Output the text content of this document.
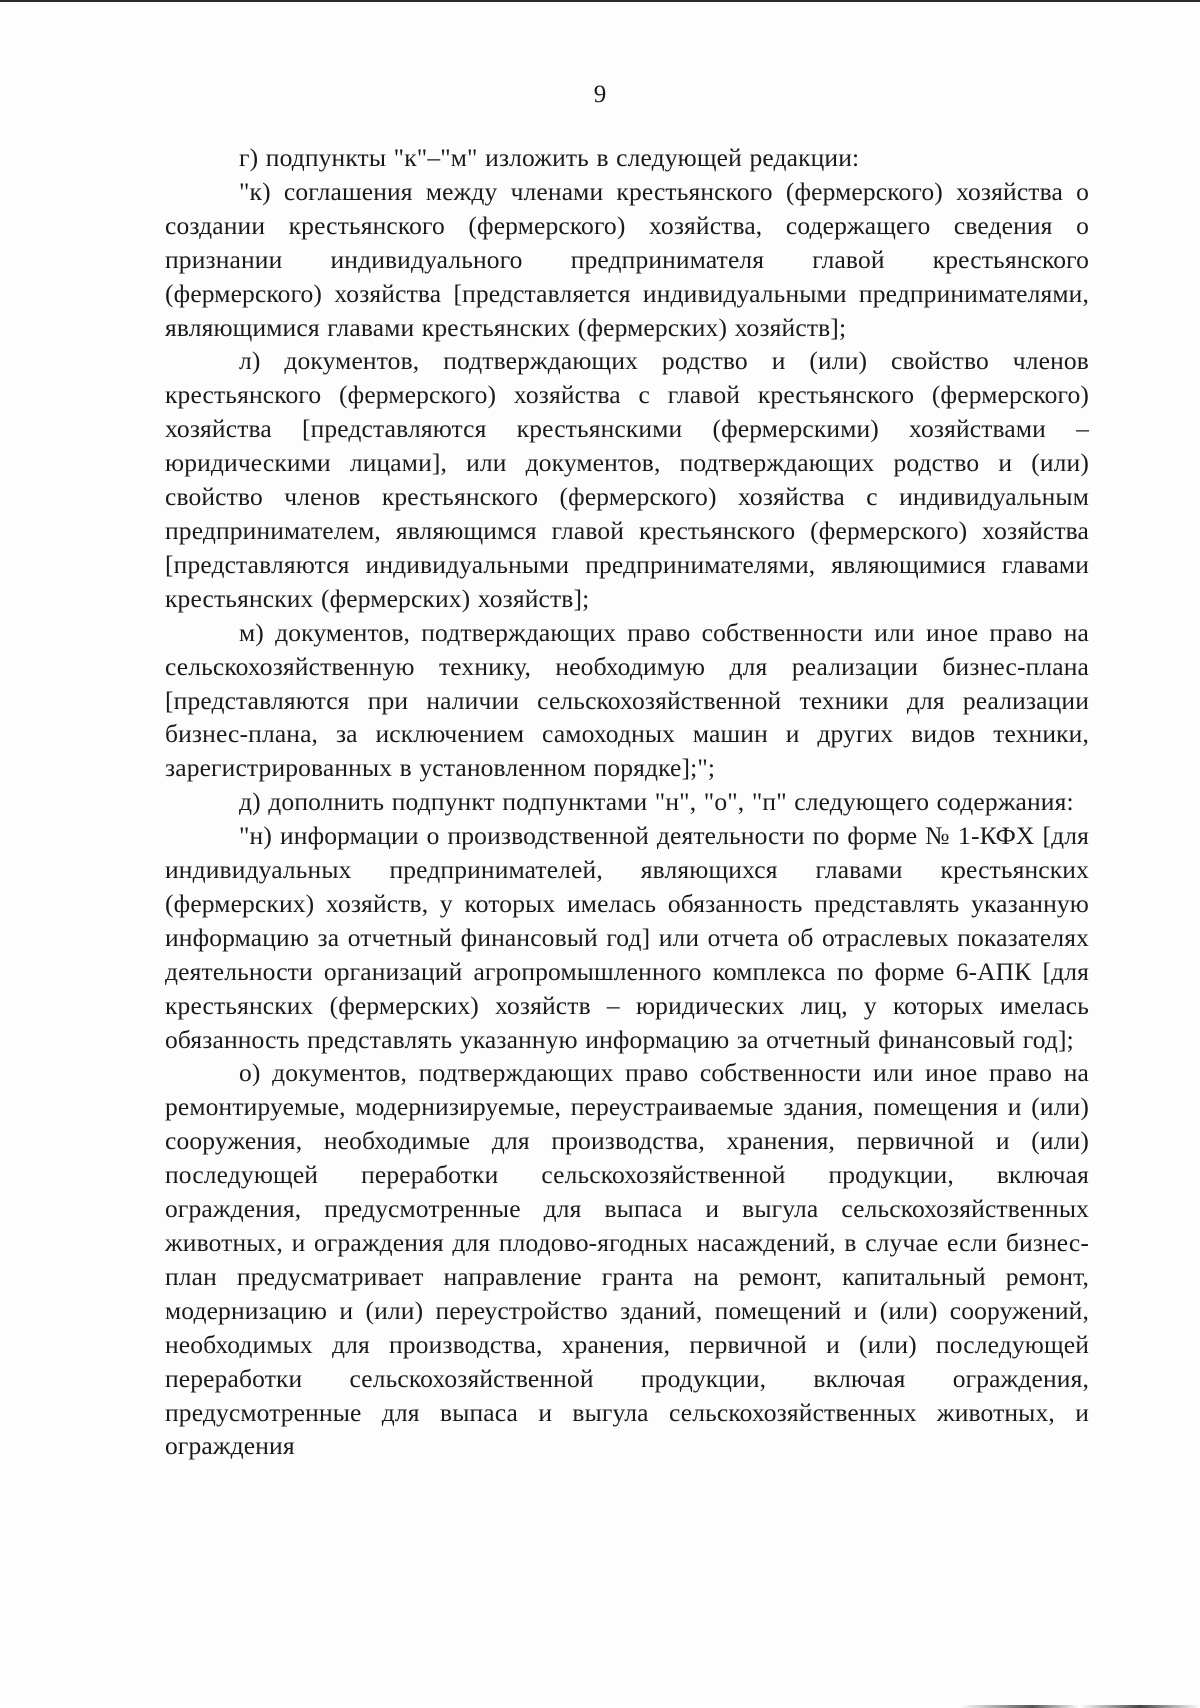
9

г) подпункты "к"–"м" изложить в следующей редакции:

"к) соглашения между членами крестьянского (фермерского) хозяйства о создании крестьянского (фермерского) хозяйства, содержащего сведения о признании индивидуального предпринимателя главой крестьянского (фермерского) хозяйства [представляется индивидуальными предпринимателями, являющимися главами крестьянских (фермерских) хозяйств];

л) документов, подтверждающих родство и (или) свойство членов крестьянского (фермерского) хозяйства с главой крестьянского (фермерского) хозяйства [представляются крестьянскими (фермерскими) хозяйствами – юридическими лицами], или документов, подтверждающих родство и (или) свойство членов крестьянского (фермерского) хозяйства с индивидуальным предпринимателем, являющимся главой крестьянского (фермерского) хозяйства [представляются индивидуальными предпринимателями, являющимися главами крестьянских (фермерских) хозяйств];

м) документов, подтверждающих право собственности или иное право на сельскохозяйственную технику, необходимую для реализации бизнес-плана [представляются при наличии сельскохозяйственной техники для реализации бизнес-плана, за исключением самоходных машин и других видов техники, зарегистрированных в установленном порядке];";

д) дополнить подпункт подпунктами "н", "о", "п" следующего содержания:

"н) информации о производственной деятельности по форме № 1-КФХ [для индивидуальных предпринимателей, являющихся главами крестьянских (фермерских) хозяйств, у которых имелась обязанность представлять указанную информацию за отчетный финансовый год] или отчета об отраслевых показателях деятельности организаций агропромышленного комплекса по форме 6-АПК [для крестьянских (фермерских) хозяйств – юридических лиц, у которых имелась обязанность представлять указанную информацию за отчетный финансовый год];

о) документов, подтверждающих право собственности или иное право на ремонтируемые, модернизируемые, переустраиваемые здания, помещения и (или) сооружения, необходимые для производства, хранения, первичной и (или) последующей переработки сельскохозяйственной продукции, включая ограждения, предусмотренные для выпаса и выгула сельскохозяйственных животных, и ограждения для плодово-ягодных насаждений, в случае если бизнес-план предусматривает направление гранта на ремонт, капитальный ремонт, модернизацию и (или) переустройство зданий, помещений и (или) сооружений, необходимых для производства, хранения, первичной и (или) последующей переработки сельскохозяйственной продукции, включая ограждения, предусмотренные для выпаса и выгула сельскохозяйственных животных, и ограждения
